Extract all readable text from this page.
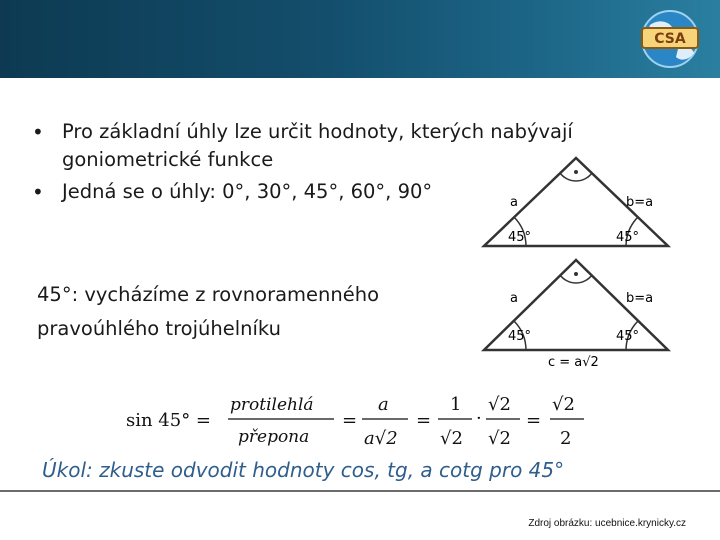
CSA
• Pro základní úhly lze určit hodnoty, kterých nabývají goniometrické funkce
• Jedná se o úhly: 0°, 30°, 45°, 60°, 90°
45°: vycházíme z rovnoramenného pravoúhlého trojúhelníku
a	b=a
45°	45°
a	b=a
45°	45°
c = a√2
sin 45° =
protilehlá
přepona
=
a
a√2
=
1
√2
·
√2
√2
=
√2
2
Úkol: zkuste odvodit hodnoty cos, tg, a cotg pro 45°
Zdroj obrázku: ucebnice.krynicky.cz
